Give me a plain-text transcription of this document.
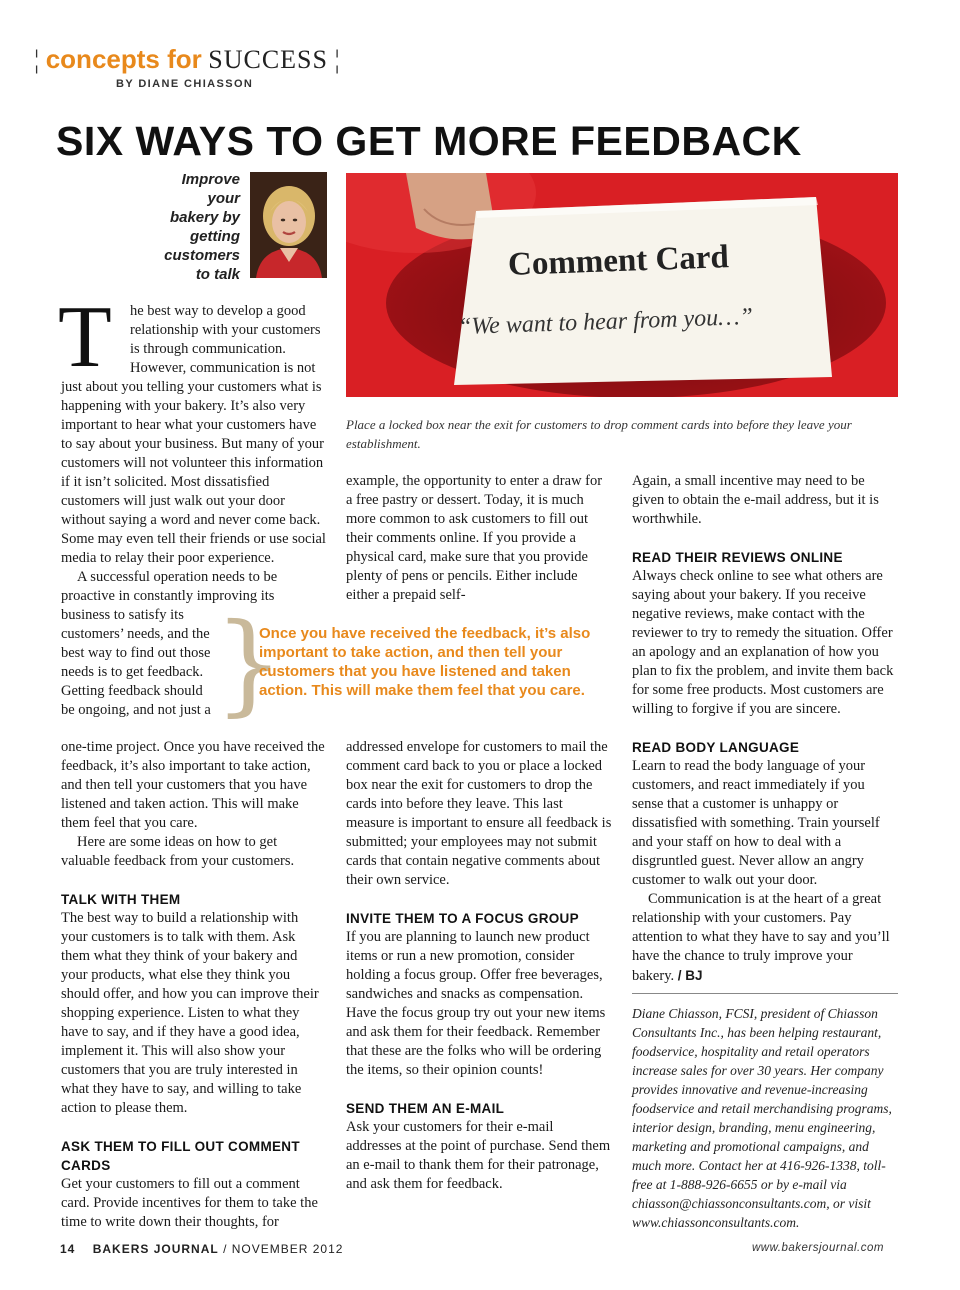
¦ concepts for SUCCESS ¦
BY DIANE CHIASSON
SIX WAYS TO GET MORE FEEDBACK
Improve
your
bakery by
getting
customers
to talk	Comment Card
“We want to hear from you…”
Place a locked box near the exit for customers to drop comment cards into before they leave your establishment.
T he best way to develop a good
relationship with your customers
is through communication.
However, communication is not

just about you telling your customers what is happening with your bakery. It’s also very important to hear what your customers have to say about your business. But many of your customers will not volunteer this information if it isn’t solicited. Most dissatisfied customers will just walk out your door without saying a word and never come back. Some may even tell their friends or use social media to relay their poor experience.

A successful operation needs to be proactive in constantly improving its

business to satisfy its customers’ needs, and the best way to find out those needs is to get feedback. Getting feedback should be ongoing, and not just a }
Once you have received the feedback, it’s also important to take action, and then tell your customers that you have listened and taken action. This will make them feel that you care.

one-time project. Once you have received the feedback, it’s also important to take action, and then tell your customers that you have listened and taken action. This will make them feel that you care.

Here are some ideas on how to get valuable feedback from your customers.

TALK WITH THEM

The best way to build a relationship with your customers is to talk with them. Ask them what they think of your bakery and your products, what else they think you should offer, and how you can improve their shopping experience. Listen to what they have to say, and if they have a good idea, implement it. This will also show your customers that you are truly interested in what they have to say, and willing to take action to please them.

ASK THEM TO FILL OUT COMMENT CARDS

Get your customers to fill out a comment card. Provide incentives for them to take the time to write down their thoughts, for

example, the opportunity to enter a draw for a free pastry or dessert. Today, it is much more common to ask customers to fill out their comments online. If you provide a physical card, make sure that you provide plenty of pens or pencils. Either include either a prepaid self-

addressed envelope for customers to mail the comment card back to you or place a locked box near the exit for customers to drop the cards into before they leave. This last measure is important to ensure all feedback is submitted; your employees may not submit cards that contain negative comments about their own service.

INVITE THEM TO A FOCUS GROUP

If you are planning to launch new product items or run a new promotion, consider holding a focus group. Offer free beverages, sandwiches and snacks as compensation. Have the focus group try out your new items and ask them for their feedback. Remember that these are the folks who will be ordering the items, so their opinion counts!

SEND THEM AN E-MAIL

Ask your customers for their e-mail addresses at the point of purchase. Send them an e-mail to thank them for their patronage, and ask them for feedback.

Again, a small incentive may need to be given to obtain the e-mail address, but it is worthwhile.

READ THEIR REVIEWS ONLINE

Always check online to see what others are saying about your bakery. If you receive negative reviews, make contact with the reviewer to try to remedy the situation. Offer an apology and an explanation of how you plan to fix the problem, and invite them back for some free products. Most customers are willing to forgive if you are sincere.

READ BODY LANGUAGE

Learn to read the body language of your customers, and react immediately if you sense that a customer is unhappy or dissatisfied with something. Train yourself and your staff on how to deal with a disgruntled guest. Never allow an angry customer to walk out your door.

Communication is at the heart of a great relationship with your customers. Pay attention to what they have to say and you’ll have the chance to truly improve your bakery. / BJ

Diane Chiasson, FCSI, president of Chiasson Consultants Inc., has been helping restaurant, foodservice, hospitality and retail operators increase sales for over 30 years. Her company provides innovative and revenue-increasing foodservice and retail merchandising programs, interior design, branding, menu engineering, marketing and promotional campaigns, and much more. Contact her at 416-926-1338, toll-free at 1-888-926-6655 or by e-mail via chiasson@chiassonconsultants.com, or visit www.chiassonconsultants.com.
14 BAKERS JOURNAL / NOVEMBER 2012	www.bakersjournal.com
